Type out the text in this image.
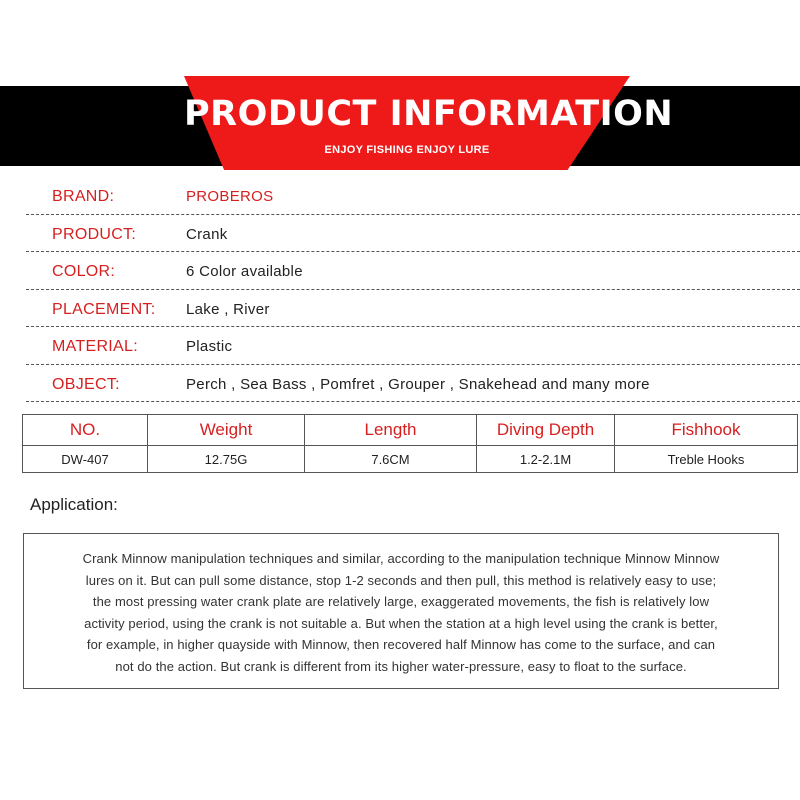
PRODUCT INFORMATION
ENJOY FISHING ENJOY LURE
BRAND:	PROBEROS
PRODUCT:	Crank
COLOR:	6 Color available
PLACEMENT: Lake , River
MATERIAL:	Plastic
OBJECT:	Perch , Sea Bass , Pomfret , Grouper , Snakehead and many more
NO.	Weight	Length	Diving Depth	Fishhook
DW-407	12.75G	7.6CM	1.2-2.1M	Treble Hooks
Application:
Crank Minnow manipulation techniques and similar, according to the manipulation technique Minnow Minnow
lures on it. But can pull some distance, stop 1-2 seconds and then pull, this method is relatively easy to use;
the most pressing water crank plate are relatively large, exaggerated movements, the fish is relatively low
activity period, using the crank is not suitable a. But when the station at a high level using the crank is better,
for example, in higher quayside with Minnow, then recovered half Minnow has come to the surface, and can
not do the action. But crank is different from its higher water-pressure, easy to float to the surface.
